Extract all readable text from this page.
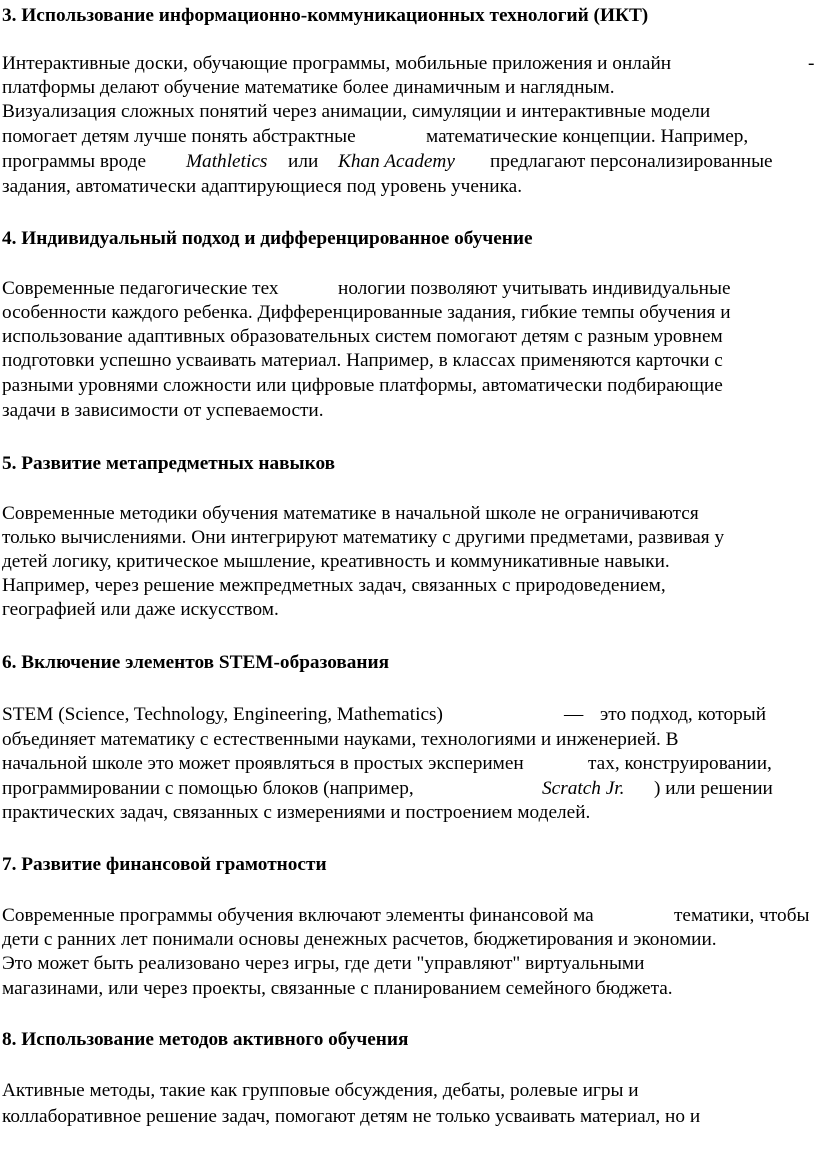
3. Использование информационно-коммуникационных технологий (ИКТ)
Интерактивные доски, обучающие программы, мобильные приложения и онлайн	-
платформы делают обучение математике более динамичным и наглядным.
Визуализация сложных понятий через анимации, симуляции и интерактивные модели
помогает детям лучше понять абстрактные	математические концепции. Например,
программы вроде Mathletics или Khan Academy предлагают персонализированные
задания, автоматически адаптирующиеся под уровень ученика.
4. Индивидуальный подход и дифференцированное обучение
Современные педагогические тех	нологии позволяют учитывать индивидуальные
особенности каждого ребенка. Дифференцированные задания, гибкие темпы обучения и
использование адаптивных образовательных систем помогают детям с разным уровнем
подготовки успешно усваивать материал. Например, в классах применяются карточки с
разными уровнями сложности или цифровые платформы, автоматически подбирающие
задачи в зависимости от успеваемости.
5. Развитие метапредметных навыков
Современные методики обучения математике в начальной школе не ограничиваются
только вычислениями. Они интегрируют математику с другими предметами, развивая у
детей логику, критическое мышление, креативность и коммуникативные навыки.
Например, через решение межпредметных задач, связанных с природоведением,
географией или даже искусством.
6. Включение элементов STEM-образования
STEM (Science, Technology, Engineering, Mathematics)	— это подход, который
объединяет математику с естественными науками, технологиями и инженерией. В
начальной школе это может проявляться в простых эксперимен	тах, конструировании,
программировании с помощью блоков (например,	Scratch Jr. ) или решении
практических задач, связанных с измерениями и построением моделей.
7. Развитие финансовой грамотности
Современные программы обучения включают элементы финансовой ма	тематики, чтобы
дети с ранних лет понимали основы денежных расчетов, бюджетирования и экономии.
Это может быть реализовано через игры, где дети "управляют" виртуальными
магазинами, или через проекты, связанные с планированием семейного бюджета.
8. Использование методов активного обучения
Активные методы, такие как групповые обсуждения, дебаты, ролевые игры и
коллаборативное решение задач, помогают детям не только усваивать материал, но и
